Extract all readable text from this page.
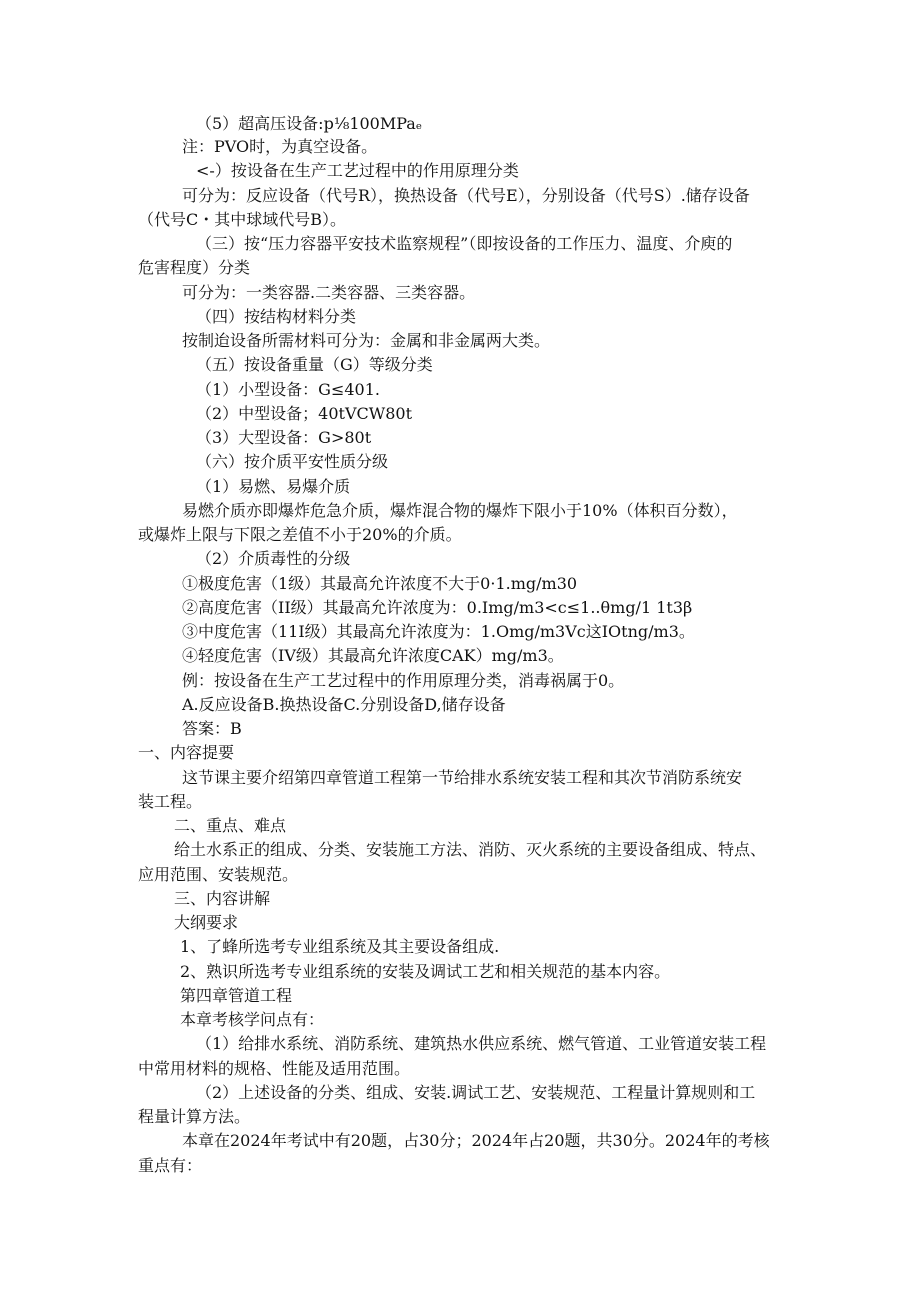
（5）超高压设备:p⅛100MPaₑ
注：PVO时，为真空设备。
<-）按设备在生产工艺过程中的作用原理分类
可分为：反应设备（代号R），换热设备（代号E），分别设备（代号S）.储存设备
（代号C・其中球域代号B）。
（三）按“压力容器平安技术监察规程”（即按设备的工作压力、温度、介庾的
危害程度）分类
可分为：一类容器.二类容器、三类容器。
（四）按结构材料分类
按制迨设备所需材料可分为：金属和非金属两大类。
（五）按设备重量（G）等级分类
（1）小型设备：G≤401.
（2）中型设备；40tVCW80t
（3）大型设备：G>80t
（六）按介质平安性质分级
（1）易燃、易爆介质
易燃介质亦即爆炸危急介质，爆炸混合物的爆炸下限小于10%（体积百分数），
或爆炸上限与下限之差值不小于20%的介质。
（2）介质毒性的分级
①极度危害（1级）其最高允许浓度不大于0·1.mg∕m30
②高度危害（II级）其最高允许浓度为：0.Img∕m3<c≤1..θmg∕1 1t3β
③中度危害（11I级）其最高允许浓度为：1.Omg∕m3Vc这IOtng∕m3。
④轻度危害（IV级）其最高允许浓度CAK）mg/m3。
例：按设备在生产工艺过程中的作用原理分类，消毒祸属于0。
A.反应设备B.换热设备C.分别设备D,储存设备
答案：B
一、内容提要
这节课主要介绍第四章管道工程第一节给排水系统安装工程和其次节消防系统安
装工程。
二、重点、难点
给土水系正的组成、分类、安装施工方法、消防、灭火系统的主要设备组成、特点、
应用范围、安装规范。
三、内容讲解
大纲要求
1、了蜂所选考专业组系统及其主要设备组成.
2、熟识所选考专业组系统的安装及调试工艺和相关规范的基本内容。
第四章管道工程
本章考核学问点有：
（1）给排水系统、消防系统、建筑热水供应系统、燃气管道、工业管道安装工程
中常用材料的规格、性能及适用范围。
（2）上述设备的分类、组成、安装.调试工艺、安装规范、工程量计算规则和工
程量计算方法。
本章在2024年考试中有20题，占30分；2024年占20题，共30分。2024年的考核
重点有：
